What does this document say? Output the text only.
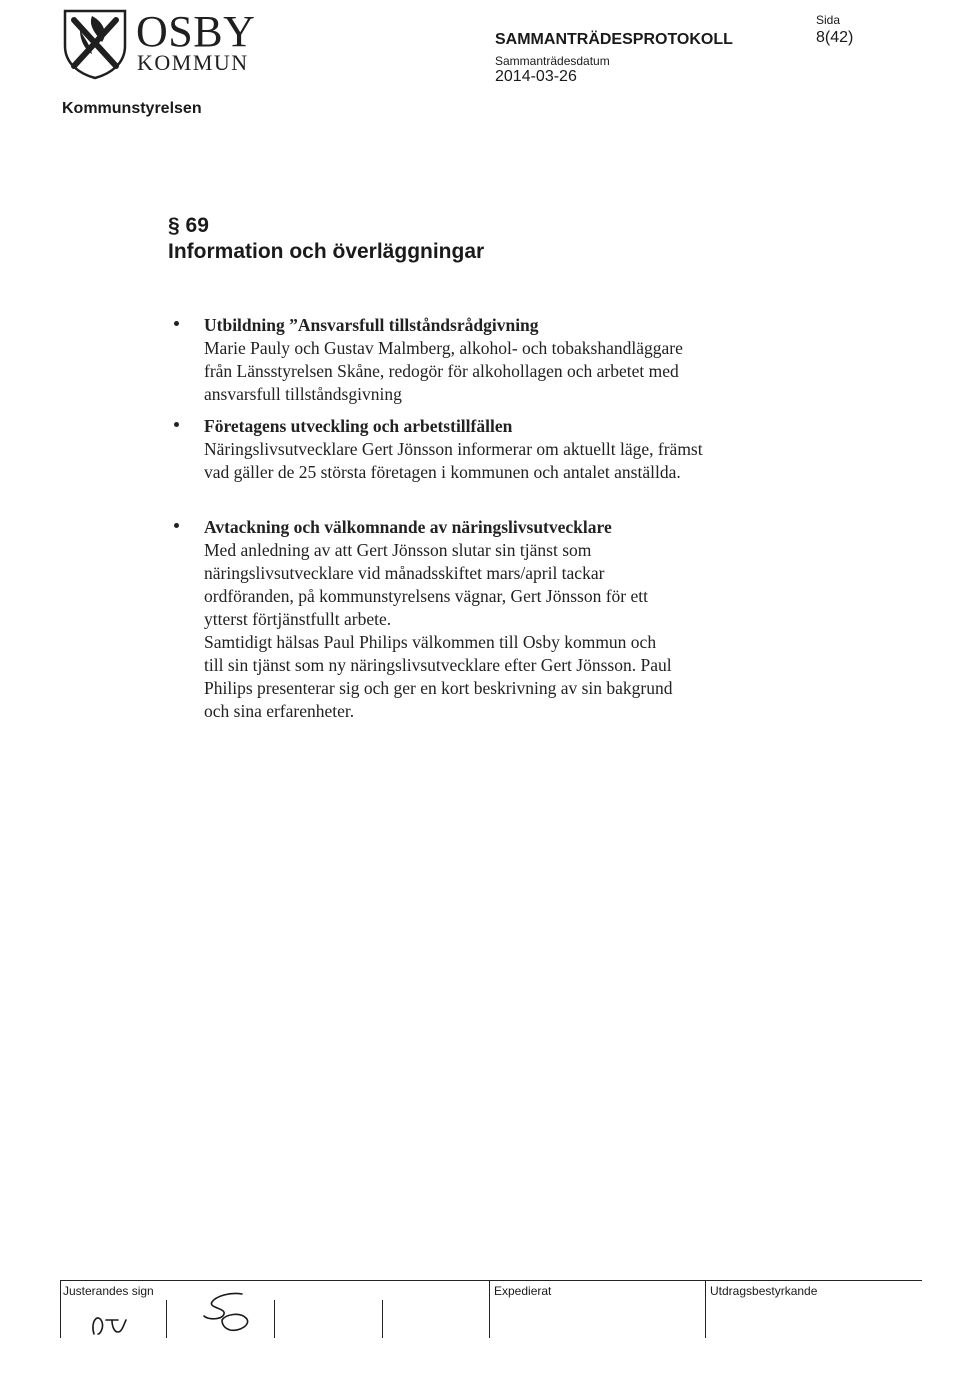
OSBY
KOMMUN
Kommunstyrelsen
SAMMANTRÄDESPROTOKOLL
Sammanträdesdatum
2014-03-26
Sida
8(42)
§ 69
Information och överläggningar
Utbildning ”Ansvarsfull tillståndsrådgivning

Marie Pauly och Gustav Malmberg, alkohol- och tobakshandläggare från Länsstyrelsen Skåne, redogör för alkohollagen och arbetet med ansvarsfull tillståndsgivning

Företagens utveckling och arbetstillfällen

Näringslivsutvecklare Gert Jönsson informerar om aktuellt läge, främst vad gäller de 25 största företagen i kommunen och antalet anställda.

Avtackning och välkomnande av näringslivsutvecklare

Med anledning av att Gert Jönsson slutar sin tjänst som näringslivsutvecklare vid månadsskiftet mars/april tackar ordföranden, på kommunstyrelsens vägnar, Gert Jönsson för ett ytterst förtjänstfullt arbete.

Samtidigt hälsas Paul Philips välkommen till Osby kommun och till sin tjänst som ny näringslivsutvecklare efter Gert Jönsson. Paul Philips presenterar sig och ger en kort beskrivning av sin bakgrund och sina erfarenheter.

Justerandes sign	Expedierat	Utdragsbestyrkande
